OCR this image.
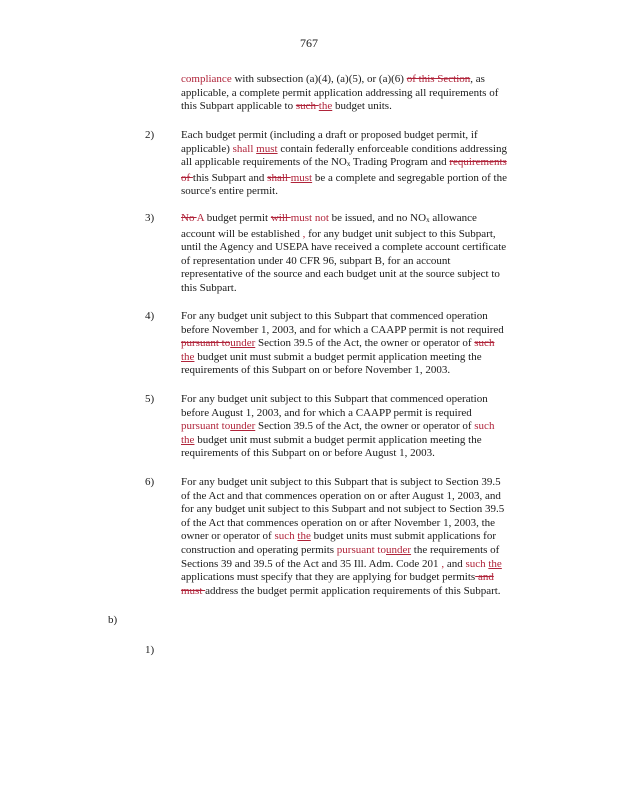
767
compliance with subsection (a)(4), (a)(5), or (a)(6) of this Section, as
applicable, a complete permit application addressing all requirements of
this Subpart applicable to such the budget units.
2) Each budget permit (including a draft or proposed budget permit, if
applicable) shall must contain federally enforceable conditions addressing
all applicable requirements of the $NO_x$ Trading Program and requirements
of this Subpart and shall must be a complete and segregable portion of the
source's entire permit.
3) No A budget permit will must not be issued, and no $NO_x$ allowance
account will be established , for any budget unit subject to this Subpart,
until the Agency and USEPA have received a complete account certificate
of representation under 40 CFR 96, subpart B, for an account
representative of the source and each budget unit at the source subject to
this Subpart.
4) For any budget unit subject to this Subpart that commenced operation
before November 1, 2003, and for which a CAAPP permit is not required
pursuant tounder Section 39.5 of the Act, the owner or operator of such
the budget unit must submit a budget permit application meeting the
requirements of this Subpart on or before November 1, 2003.
5) For any budget unit subject to this Subpart that commenced operation
before August 1, 2003, and for which a CAAPP permit is required
pursuant tounder Section 39.5 of the Act, the owner or operator of such
the budget unit must submit a budget permit application meeting the
requirements of this Subpart on or before August 1, 2003.
6) For any budget unit subject to this Subpart that is subject to Section 39.5
of the Act and that commences operation on or after August 1, 2003, and
for any budget unit subject to this Subpart and not subject to Section 39.5
of the Act that commences operation on or after November 1, 2003, the
owner or operator of such the budget units must submit applications for
construction and operating permits pursuant tounder the requirements of
Sections 39 and 39.5 of the Act and 35 Ill. Adm. Code 201 , and such the
applications must specify that they are applying for budget permits and
must address the budget permit application requirements of this Subpart.
b)
1)
